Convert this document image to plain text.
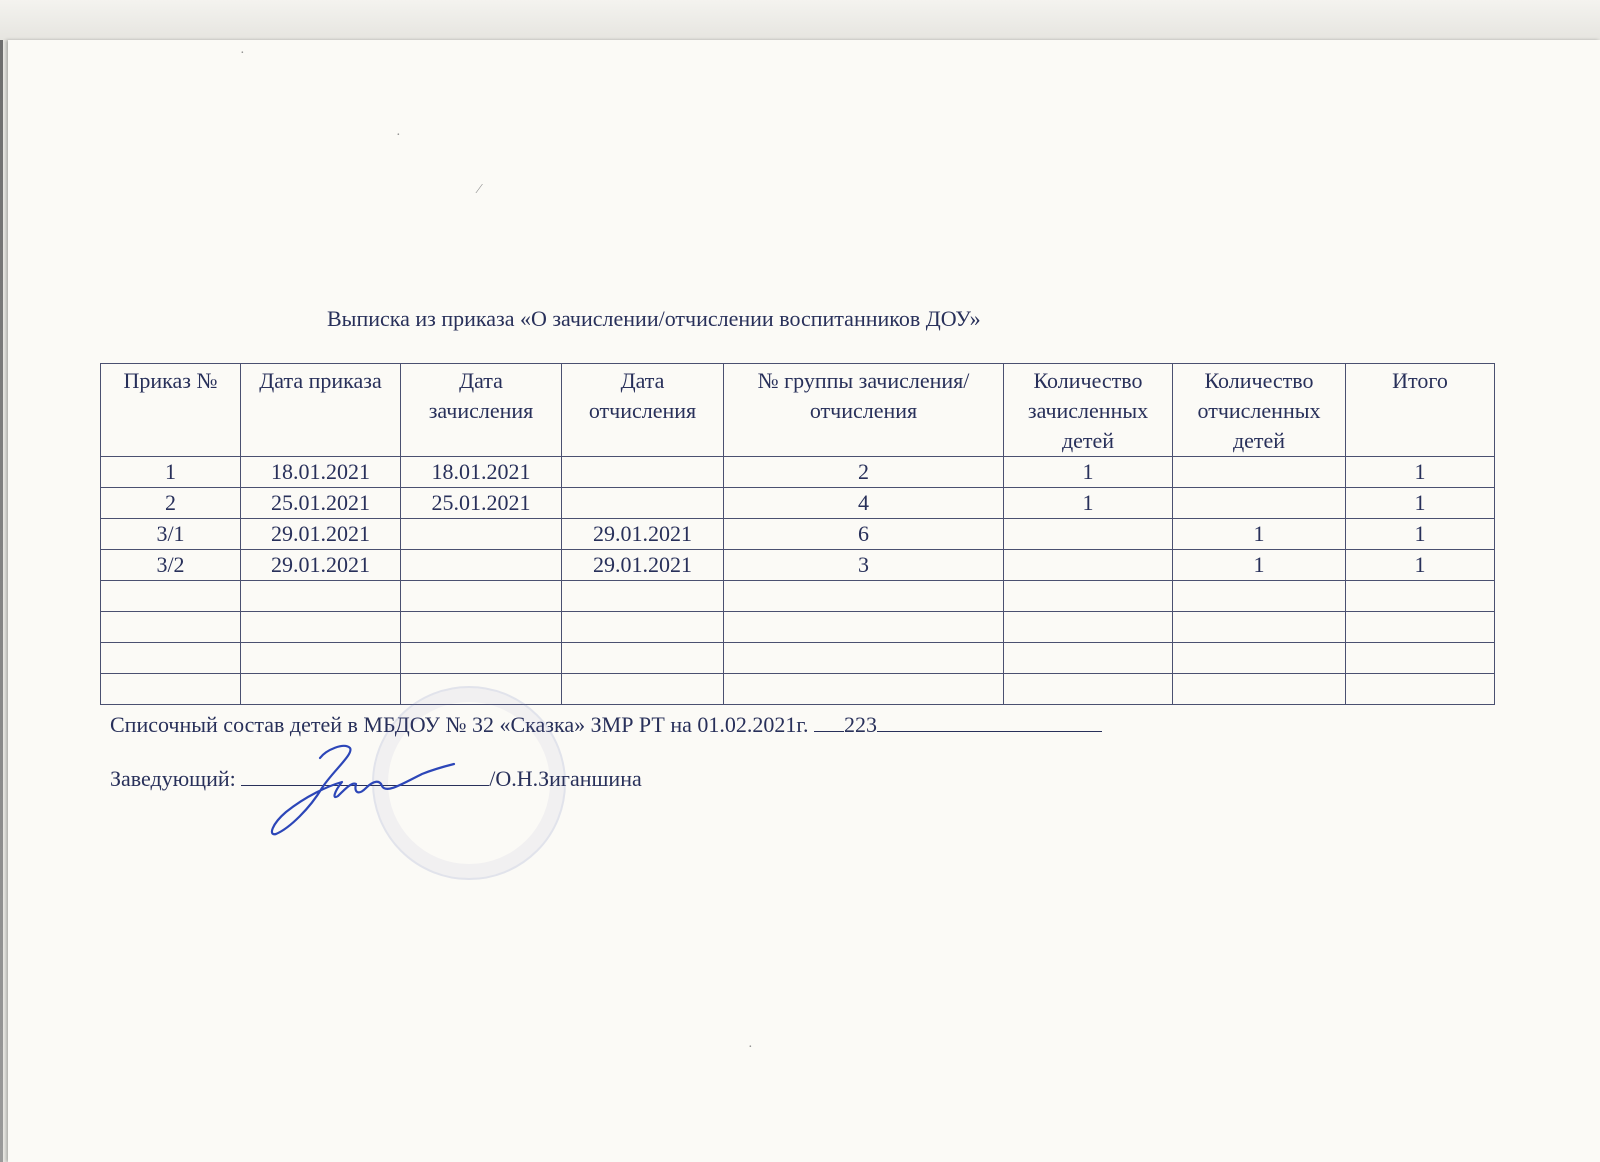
Выписка из приказа «О зачислении/отчислении воспитанников ДОУ»
Приказ №	Дата приказа	Дата зачисления	Дата отчисления	№ группы зачисления/отчисления	Количество зачисленных детей	Количество отчисленных детей	Итого
1	18.01.2021	18.01.2021		2	1		1
2	25.01.2021	25.01.2021		4	1		1
3/1	29.01.2021		29.01.2021	6		1	1
3/2	29.01.2021		29.01.2021	3		1	1

Списочный состав детей в МБДОУ № 32 «Сказка» ЗМР РТ на 01.02.2021г. 223
Заведующий:	/О.Н.Зиганшина
·
·
⁄
·
